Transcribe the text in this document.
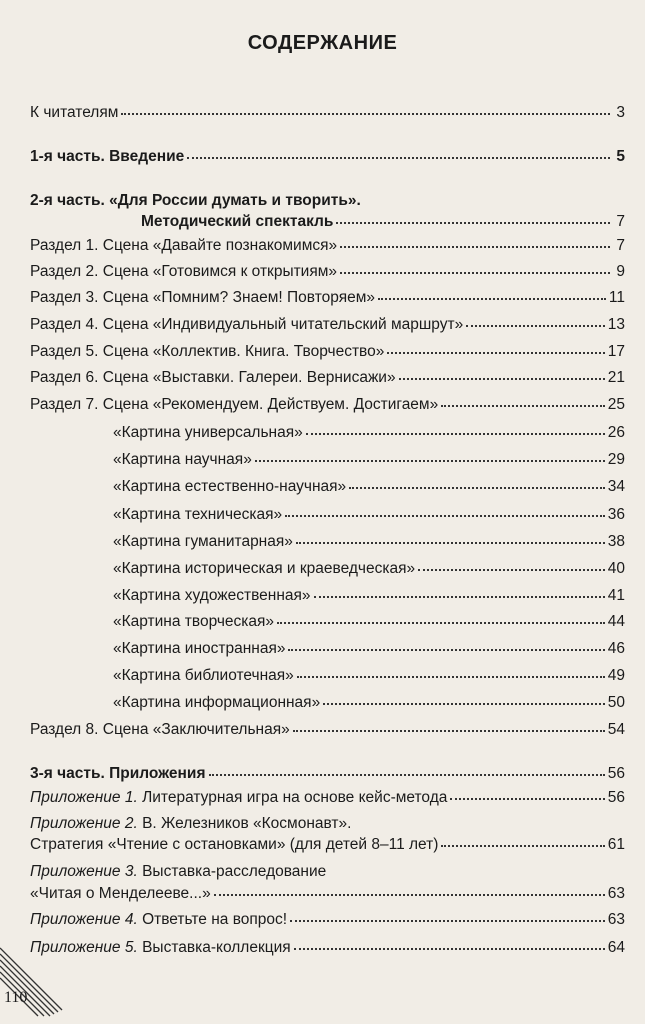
СОДЕРЖАНИЕ
К читателям	3
1-я часть. Введение	5
2-я часть. «Для России думать и творить».
Методический спектакль	7
Раздел 1. Сцена «Давайте познакомимся»	7
Раздел 2. Сцена «Готовимся к открытиям»	9
Раздел 3. Сцена «Помним? Знаем! Повторяем»	11
Раздел 4. Сцена «Индивидуальный читательский маршрут»	13
Раздел 5. Сцена «Коллектив. Книга. Творчество»	17
Раздел 6. Сцена «Выставки. Галереи. Вернисажи»	21
Раздел 7. Сцена «Рекомендуем. Действуем. Достигаем»	25
«Картина универсальная»	26
«Картина научная»	29
«Картина естественно-научная»	34
«Картина техническая»	36
«Картина гуманитарная»	38
«Картина историческая и краеведческая»	40
«Картина художественная»	41
«Картина творческая»	44
«Картина иностранная»	46
«Картина библиотечная»	49
«Картина информационная»	50
Раздел 8. Сцена «Заключительная»	54
3-я часть. Приложения	56
Приложение 1. Литературная игра на основе кейс-метода	56
Приложение 2. В. Железников «Космонавт».
Стратегия «Чтение с остановками» (для детей 8–11 лет)	61
Приложение 3. Выставка-расследование
«Читая о Менделееве...»	63
Приложение 4. Ответьте на вопрос!	63
Приложение 5. Выставка-коллекция	64
110
